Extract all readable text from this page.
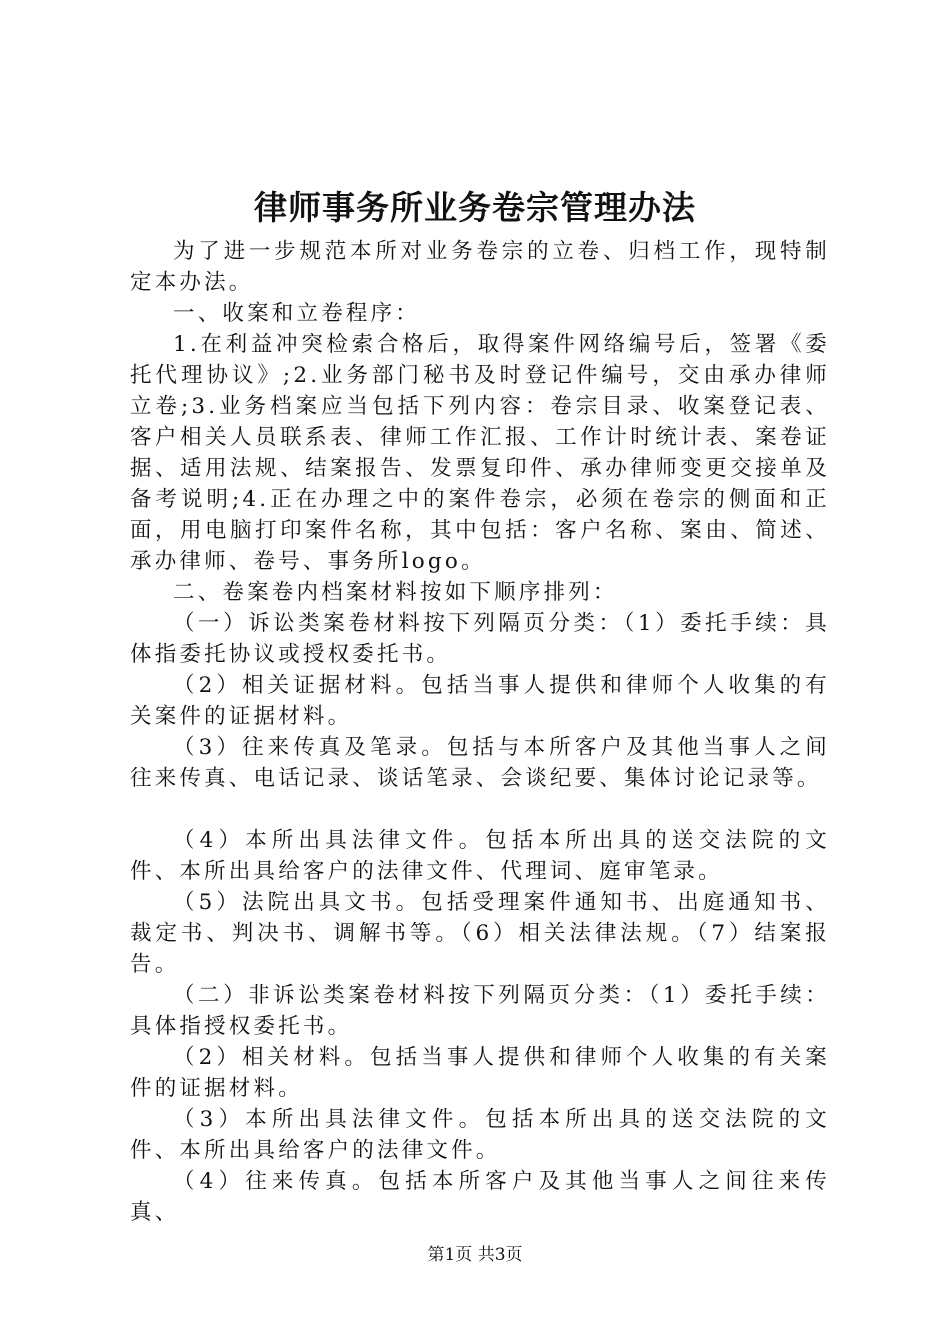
律师事务所业务卷宗管理办法

为了进一步规范本所对业务卷宗的立卷、归档工作，现特制定本办法。

一、收案和立卷程序：

1.在利益冲突检索合格后，取得案件网络编号后，签署《委托代理协议》;2.业务部门秘书及时登记件编号，交由承办律师立卷;3.业务档案应当包括下列内容：卷宗目录、收案登记表、客户相关人员联系表、律师工作汇报、工作计时统计表、案卷证据、适用法规、结案报告、发票复印件、承办律师变更交接单及备考说明;4.正在办理之中的案件卷宗，必须在卷宗的侧面和正面，用电脑打印案件名称，其中包括：客户名称、案由、简述、承办律师、卷号、事务所logo。

二、卷案卷内档案材料按如下顺序排列：

（一）诉讼类案卷材料按下列隔页分类：（1）委托手续：具体指委托协议或授权委托书。

（2）相关证据材料。包括当事人提供和律师个人收集的有关案件的证据材料。

（3）往来传真及笔录。包括与本所客户及其他当事人之间往来传真、电话记录、谈话笔录、会谈纪要、集体讨论记录等。

（4）本所出具法律文件。包括本所出具的送交法院的文件、本所出具给客户的法律文件、代理词、庭审笔录。

（5）法院出具文书。包括受理案件通知书、出庭通知书、裁定书、判决书、调解书等。（6）相关法律法规。（7）结案报告。

（二）非诉讼类案卷材料按下列隔页分类：（1）委托手续：具体指授权委托书。

（2）相关材料。包括当事人提供和律师个人收集的有关案件的证据材料。

（3）本所出具法律文件。包括本所出具的送交法院的文件、本所出具给客户的法律文件。

（4）往来传真。包括本所客户及其他当事人之间往来传真、

第1页 共3页
